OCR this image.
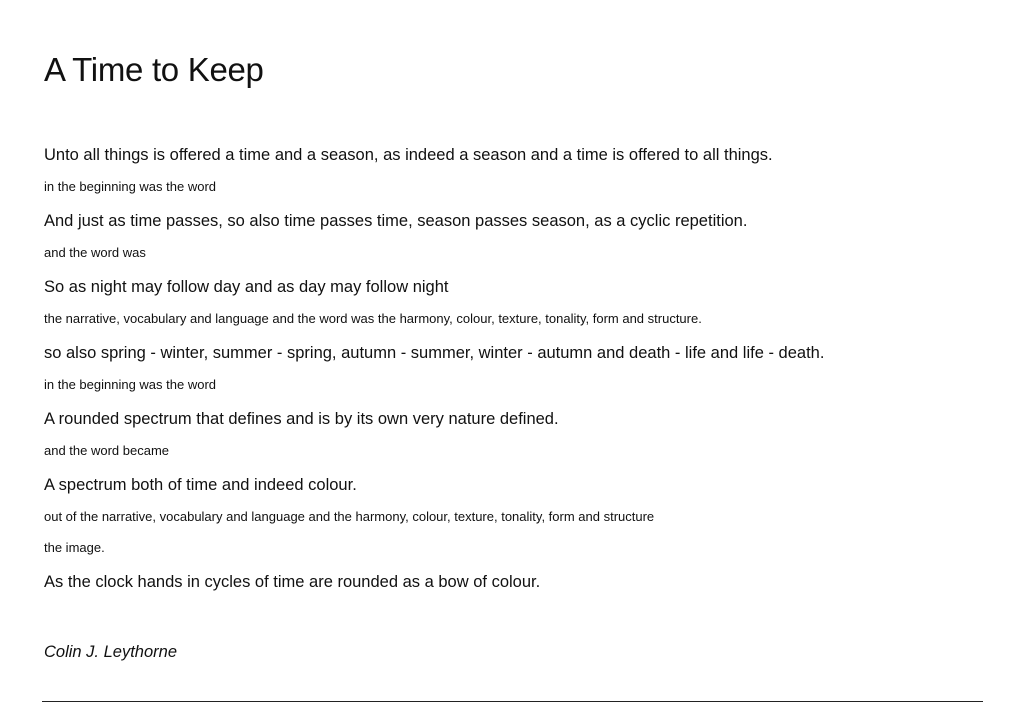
A Time to Keep

Unto all things is offered a time and a season, as indeed a season and a time is offered to all things.

in the beginning was the word

And just as time passes, so also time passes time, season passes season, as a cyclic repetition.

and the word was

So as night may follow day and as day may follow night

the narrative, vocabulary and language and the word was the harmony, colour, texture, tonality, form and structure.

so also spring - winter, summer - spring, autumn - summer, winter - autumn and death - life and life - death.

in the beginning was the word

A rounded spectrum that defines and is by its own very nature defined.

and the word became

A spectrum both of time and indeed colour.

out of the narrative, vocabulary and language and the harmony, colour, texture, tonality, form and structure

the image.

As the clock hands in cycles of time are rounded as a bow of colour.

Colin J. Leythorne
